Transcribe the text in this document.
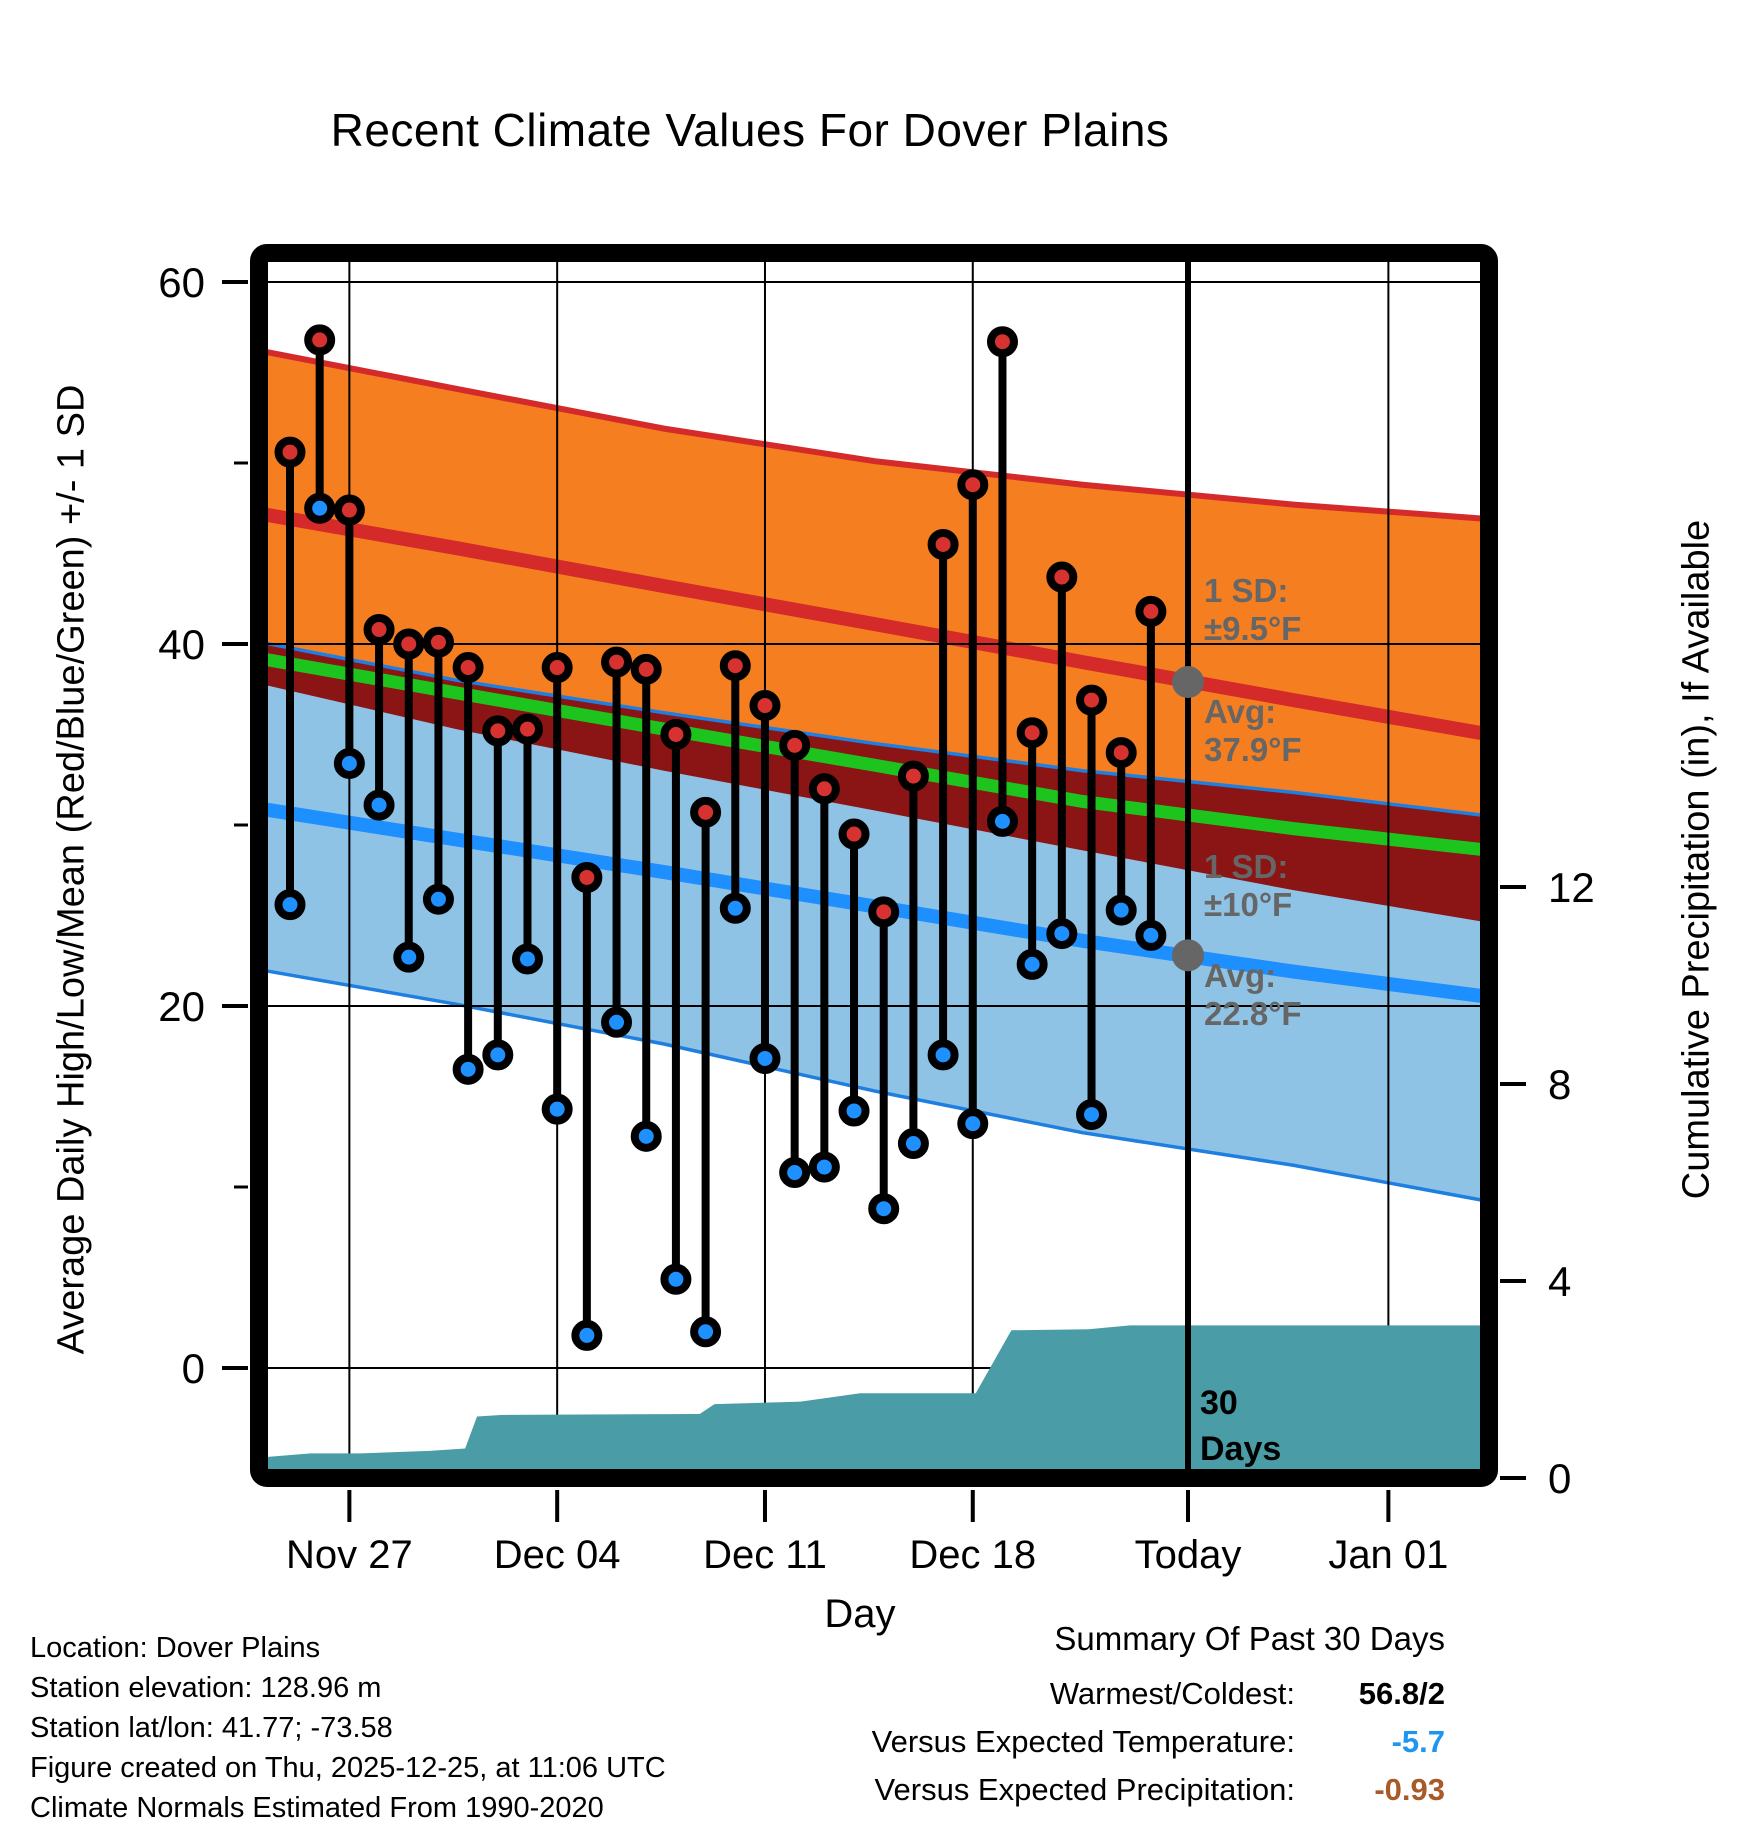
60
40
20
0
12
8
4
0
Nov 27 Dec 04 Dec 11 Dec 18 Today Jan 01
Recent Climate Values For Dover Plains
Average Daily High/Low/Mean (Red/Blue/Green) +/- 1 SD	Cumulative Precipitation (in), If Available
Day
1 SD:
±9.5°F
Avg:
37.9°F
1 SD:
±10°F
Avg:
22.8°F
30
Days
Location: Dover Plains
Station elevation: 128.96 m
Station lat/lon: 41.77; -73.58
Figure created on Thu, 2025-12-25, at 11:06 UTC
Climate Normals Estimated From 1990-2020
Summary Of Past 30 Days
Warmest/Coldest: 56.8/2
Versus Expected Temperature:	-5.7
Versus Expected Precipitation:	-0.93
